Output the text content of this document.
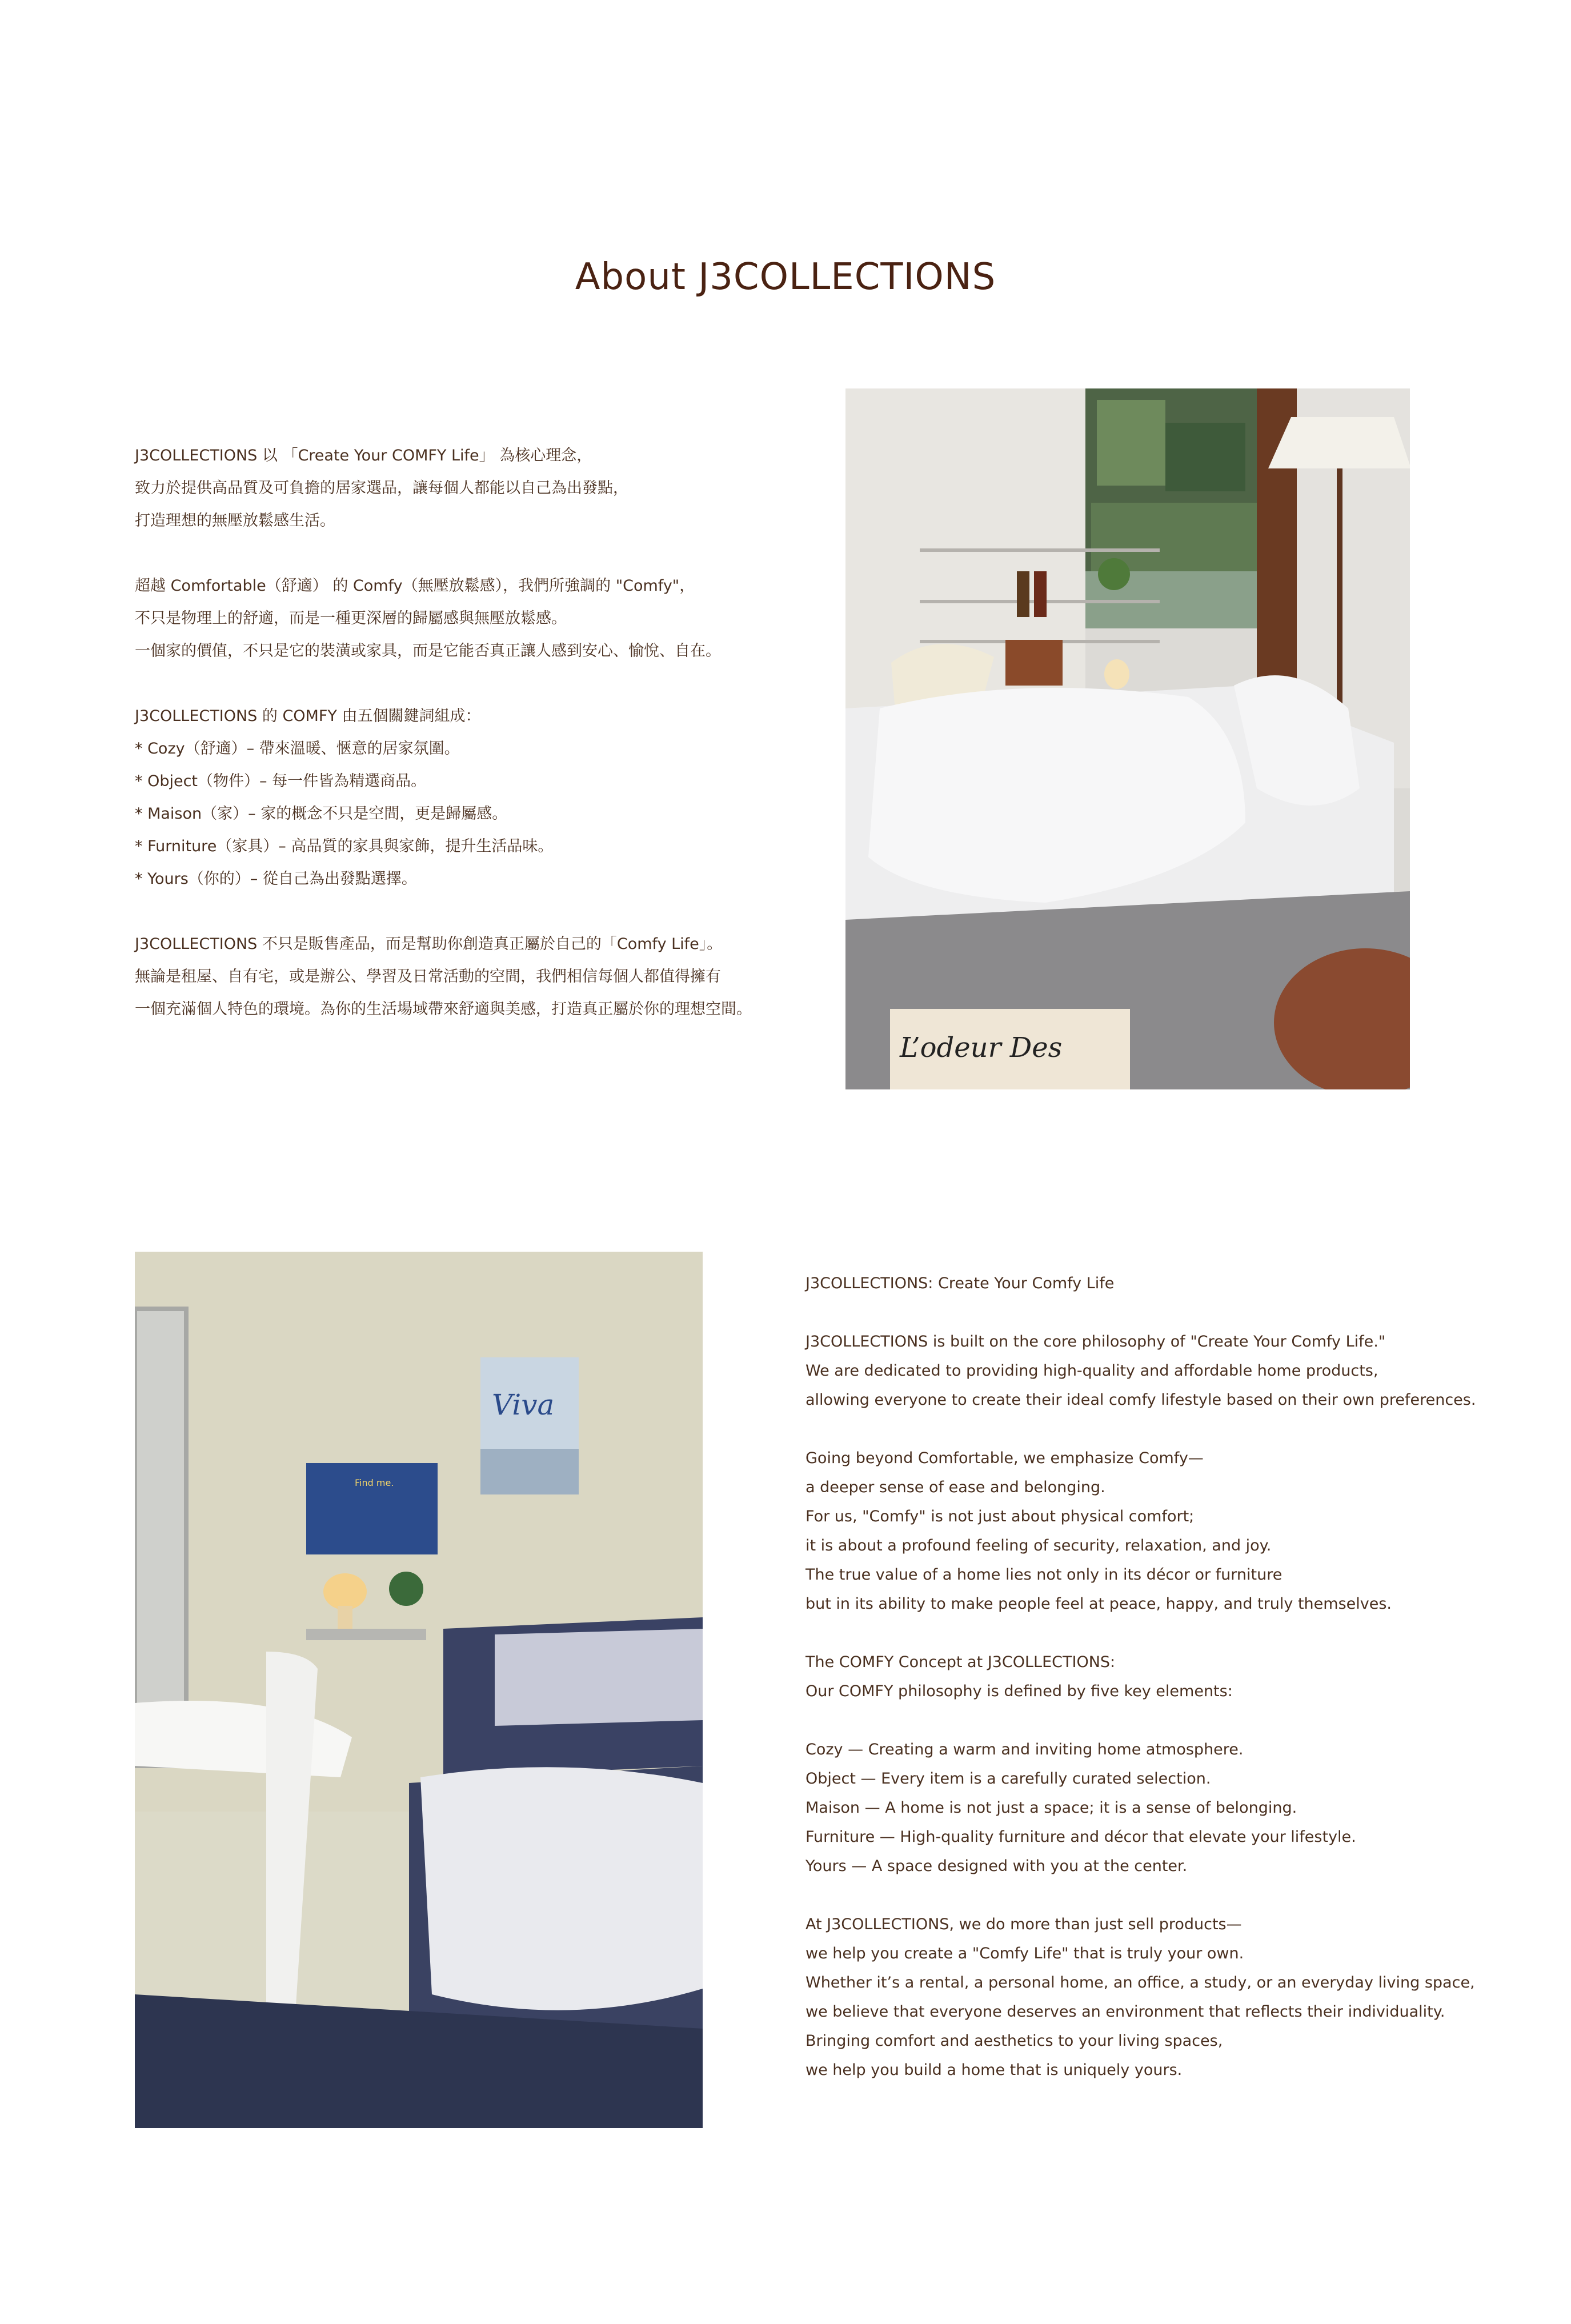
About J3COLLECTIONS

J3COLLECTIONS 以 「Create Your COMFY Life」 為核心理念，

致力於提供高品質及可負擔的居家選品，讓每個人都能以自己為出發點，

打造理想的無壓放鬆感生活。

超越 Comfortable（舒適） 的 Comfy（無壓放鬆感），我們所強調的 "Comfy"，

不只是物理上的舒適，而是一種更深層的歸屬感與無壓放鬆感。

一個家的價值，不只是它的裝潢或家具，而是它能否真正讓人感到安心、愉悅、自在。

J3COLLECTIONS 的 COMFY 由五個關鍵詞組成：

* Cozy（舒適）– 帶來溫暖、愜意的居家氛圍。

* Object（物件）– 每一件皆為精選商品。

* Maison（家）– 家的概念不只是空間，更是歸屬感。

* Furniture（家具）– 高品質的家具與家飾，提升生活品味。

* Yours（你的）– 從自己為出發點選擇。

J3COLLECTIONS 不只是販售產品，而是幫助你創造真正屬於自己的「Comfy Life」。

無論是租屋、自有宅，或是辦公、學習及日常活動的空間，我們相信每個人都值得擁有

一個充滿個人特色的環境。為你的生活場域帶來舒適與美感，打造真正屬於你的理想空間。

L’odeur Des
Find me.
Viva

J3COLLECTIONS: Create Your Comfy Life

J3COLLECTIONS is built on the core philosophy of "Create Your Comfy Life."

We are dedicated to providing high-quality and affordable home products,

allowing everyone to create their ideal comfy lifestyle based on their own preferences.

Going beyond Comfortable, we emphasize Comfy—

a deeper sense of ease and belonging.

For us, "Comfy" is not just about physical comfort;

it is about a profound feeling of security, relaxation, and joy.

The true value of a home lies not only in its décor or furniture

but in its ability to make people feel at peace, happy, and truly themselves.

The COMFY Concept at J3COLLECTIONS:

Our COMFY philosophy is defined by five key elements:

Cozy — Creating a warm and inviting home atmosphere.

Object — Every item is a carefully curated selection.

Maison — A home is not just a space; it is a sense of belonging.

Furniture — High-quality furniture and décor that elevate your lifestyle.

Yours — A space designed with you at the center.

At J3COLLECTIONS, we do more than just sell products—

we help you create a "Comfy Life" that is truly your own.

Whether it’s a rental, a personal home, an office, a study, or an everyday living space,

we believe that everyone deserves an environment that reflects their individuality.

Bringing comfort and aesthetics to your living spaces,

we help you build a home that is uniquely yours.
